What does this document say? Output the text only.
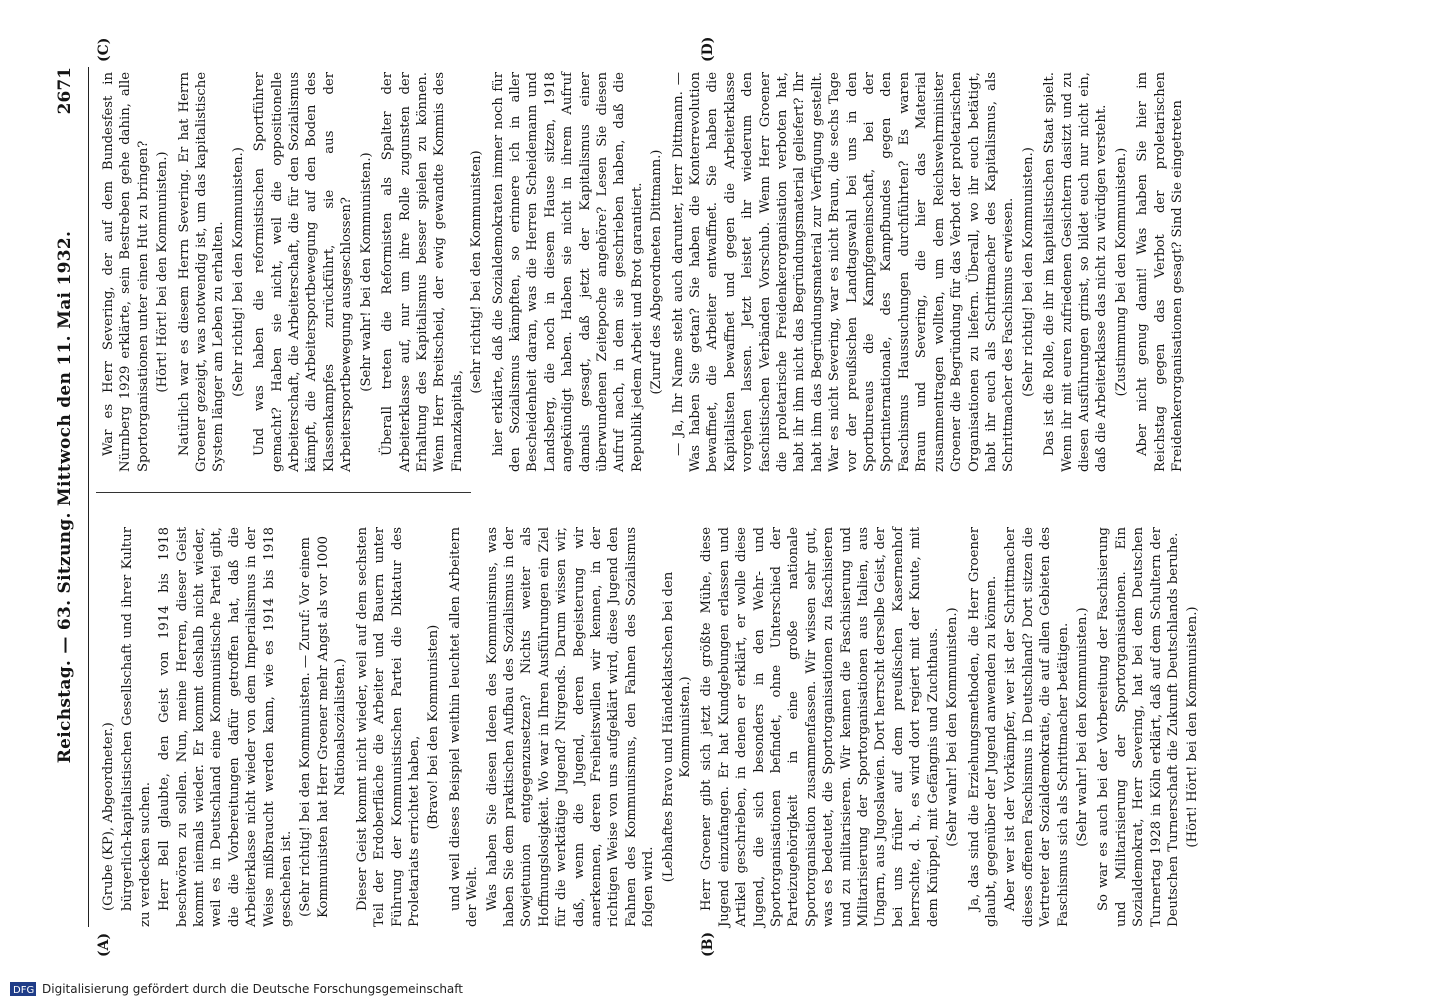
Reichstag. — 63. Sitzung. Mittwoch den 11. Mai 1932.
2671
(A)	(B)
(C)	(D)
(Grube (KP), Abgeordneter.) bürgerlich-kapitalistischen Gesellschaft und ihrer Kultur zu verdecken suchen. Herr Bell glaubte, den Geist von 1914 bis 1918 beschwören zu sollen. Nun, meine Herren, dieser Geist kommt niemals wieder. Er kommt deshalb nicht wieder, weil es in Deutschland eine Kommunistische Partei gibt, die die Vorbereitungen dafür getroffen hat, daß die Arbeiterklasse nicht wieder von dem Imperialismus in der Weise mißbraucht werden kann, wie es 1914 bis 1918 geschehen ist. (Sehr richtig! bei den Kommunisten. — Zuruf: Vor einem Kommunisten hat Herr Groener mehr Angst als vor 1000 Nationalsozialisten.) Dieser Geist kommt nicht wieder, weil auf dem sechsten Teil der Erdoberfläche die Arbeiter und Bauern unter Führung der Kommunistischen Partei die Diktatur des Proletariats errichtet haben,
(Bravo! bei den Kommunisten) und weil dieses Beispiel weithin leuchtet allen Arbeitern der Welt. Was haben Sie diesen Ideen des Kommunismus, was haben Sie dem praktischen Aufbau des Sozialismus in der Sowjetunion entgegenzusetzen? Nichts weiter als Hoffnungslosigkeit. Wo war in Ihren Ausführungen ein Ziel für die werktätige Jugend? Nirgends. Darum wissen wir, daß, wenn die Jugend, deren Begeisterung wir anerkennen, deren Freiheitswillen wir kennen, in der richtigen Weise von uns aufgeklärt wird, diese Jugend den Fahnen des Kommunismus, den Fahnen des Sozialismus folgen wird.
(Lebhaftes Bravo und Händeklatschen bei den Kommunisten.) Herr Groener gibt sich jetzt die größte Mühe, diese Jugend einzufangen. Er hat Kundgebungen erlassen und Artikel geschrieben, in denen er erklärt, er wolle diese Jugend, die sich besonders in den Wehr- und Sportorganisationen befindet, ohne Unterschied der Parteizugehörigkeit in eine große nationale Sportorganisation zusammenfassen. Wir wissen sehr gut, was es bedeutet, die Sportorganisationen zu faschisieren und zu militarisieren. Wir kennen die Faschisierung und Militarisierung der Sportorganisationen aus Italien, aus Ungarn, aus Jugoslawien. Dort herrscht derselbe Geist, der bei uns früher auf dem preußischen Kasernenhof herrschte, d. h., es wird dort regiert mit der Knute, mit dem Knüppel, mit Gefängnis und Zuchthaus. (Sehr wahr! bei den Kommunisten.) Ja, das sind die Erziehungsmethoden, die Herr Groener glaubt, gegenüber der Jugend anwenden zu können. Aber wer ist der Vorkämpfer, wer ist der Schrittmacher dieses offenen Faschismus in Deutschland? Dort sitzen die Vertreter der Sozialdemokratie, die auf allen Gebieten des Faschismus sich als Schrittmacher betätigen. (Sehr wahr! bei den Kommunisten.) So war es auch bei der Vorbereitung der Faschisierung und Militarisierung der Sportorganisationen. Ein Sozialdemokrat, Herr Severing, hat bei dem Deutschen Turnertag 1928 in Köln erklärt, daß auf dem Schultern der Deutschen Turnerschaft die Zukunft Deutschlands beruhe. (Hört! Hört! bei den Kommunisten.)
War es Herr Severing, der auf dem Bundesfest in Nürnberg 1929 erklärte, sein Bestreben gehe dahin, alle Sportorganisationen unter einen Hut zu bringen? (Hört! Hört! bei den Kommunisten.) Natürlich war es diesem Herrn Severing. Er hat Herrn Groener gezeigt, was notwendig ist, um das kapitalistische System länger am Leben zu erhalten. (Sehr richtig! bei den Kommunisten.) Und was haben die reformistischen Sportführer gemacht? Haben sie nicht, weil die oppositionelle Arbeiterschaft, die Arbeiterschaft, die für den Sozialismus kämpft, die Arbeitersportbewegung auf den Boden des Klassenkampfes zurückführt, sie aus der Arbeitersportbewegung ausgeschlossen? (Sehr wahr! bei den Kommunisten.) Überall treten die Reformisten als Spalter der Arbeiterklasse auf, nur um ihre Rolle zugunsten der Erhaltung des Kapitalismus besser spielen zu können. Wenn Herr Breitscheid, der ewig gewandte Kommis des Finanzkapitals,
(sehr richtig! bei den Kommunisten) hier erklärte, daß die Sozialdemokraten immer noch für den Sozialismus kämpften, so erinnere ich in aller Bescheidenheit daran, was die Herren Scheidemann und Landsberg, die noch in diesem Hause sitzen, 1918 angekündigt haben. Haben sie nicht in ihrem Aufruf damals gesagt, daß jetzt der Kapitalismus einer überwundenen Zeitepoche angehöre? Lesen Sie diesen Aufruf nach, in dem sie geschrieben haben, daß die Republik jedem Arbeit und Brot garantiert. (Zuruf des Abgeordneten Dittmann.) — Ja, Ihr Name steht auch darunter, Herr Dittmann. — Was haben Sie getan? Sie haben die Konterrevolution bewaffnet, die Arbeiter entwaffnet. Sie haben die Kapitalisten bewaffnet und gegen die Arbeiterklasse vorgehen lassen. Jetzt leistet ihr wiederum den faschistischen Verbänden Vorschub. Wenn Herr Groener die proletarische Freidenkerorganisation verboten hat, habt ihr ihm nicht das Begründungsmaterial geliefert? Ihr habt ihm das Begründungsmaterial zur Verfügung gestellt. War es nicht Severing, war es nicht Braun, die sechs Tage vor der preußischen Landtagswahl bei uns in den Sportbureaus die Kampfgemeinschaft, bei der Sportinternationale, des Kampfbundes gegen den Faschismus Haussuchungen durchführten? Es waren Braun und Severing, die hier das Material zusammentragen wollten, um dem Reichswehrminister Groener die Begründung für das Verbot der proletarischen Organisationen zu liefern. Überall, wo ihr euch betätigt, habt ihr euch als Schrittmacher des Kapitalismus, als Schrittmacher des Faschismus erwiesen. (Sehr richtig! bei den Kommunisten.) Das ist die Rolle, die ihr im kapitalistischen Staat spielt. Wenn ihr mit euren zufriedenen Gesichtern dasitzt und zu diesen Ausführungen grinst, so bildet euch nur nicht ein, daß die Arbeiterklasse das nicht zu würdigen versteht. (Zustimmung bei den Kommunisten.) Aber nicht genug damit! Was haben Sie hier im Reichstag gegen das Verbot der proletarischen Freidenkerorganisationen gesagt? Sind Sie eingetreten
DFG Digitalisierung gefördert durch die Deutsche Forschungsgemeinschaft
